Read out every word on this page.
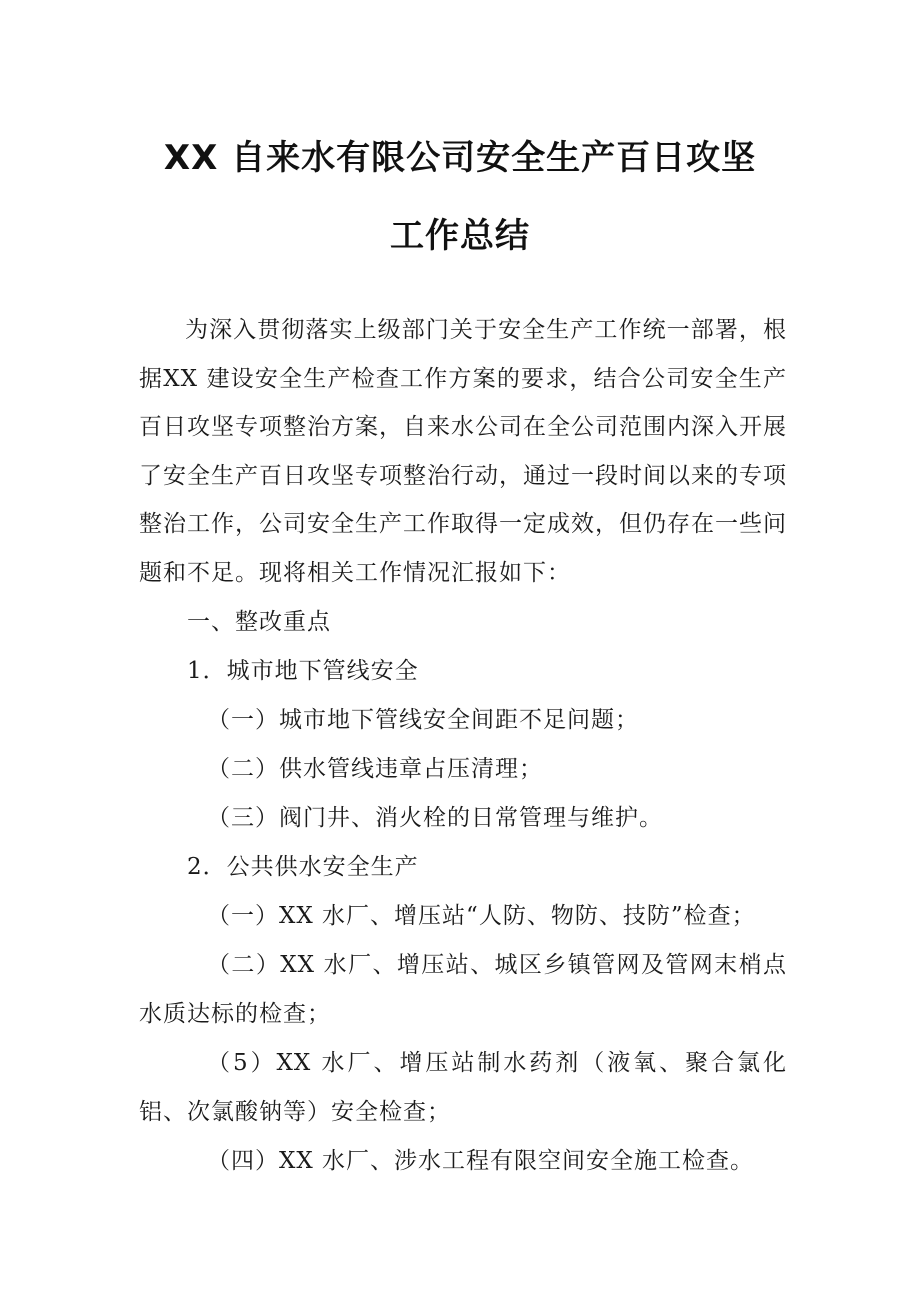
XX 自来水有限公司安全生产百日攻坚
工作总结

为深入贯彻落实上级部门关于安全生产工作统一部署，根据XX 建设安全生产检查工作方案的要求，结合公司安全生产百日攻坚专项整治方案，自来水公司在全公司范围内深入开展了安全生产百日攻坚专项整治行动，通过一段时间以来的专项整治工作，公司安全生产工作取得一定成效，但仍存在一些问题和不足。现将相关工作情况汇报如下：

一、整改重点

1．城市地下管线安全

（一）城市地下管线安全间距不足问题；

（二）供水管线违章占压清理；

（三）阀门井、消火栓的日常管理与维护。

2．公共供水安全生产

（一）XX 水厂、增压站“人防、物防、技防”检查；

（二）XX 水厂、增压站、城区乡镇管网及管网末梢点水质达标的检查；

（5）XX 水厂、增压站制水药剂（液氧、聚合氯化铝、次氯酸钠等）安全检查；

（四）XX 水厂、涉水工程有限空间安全施工检查。
